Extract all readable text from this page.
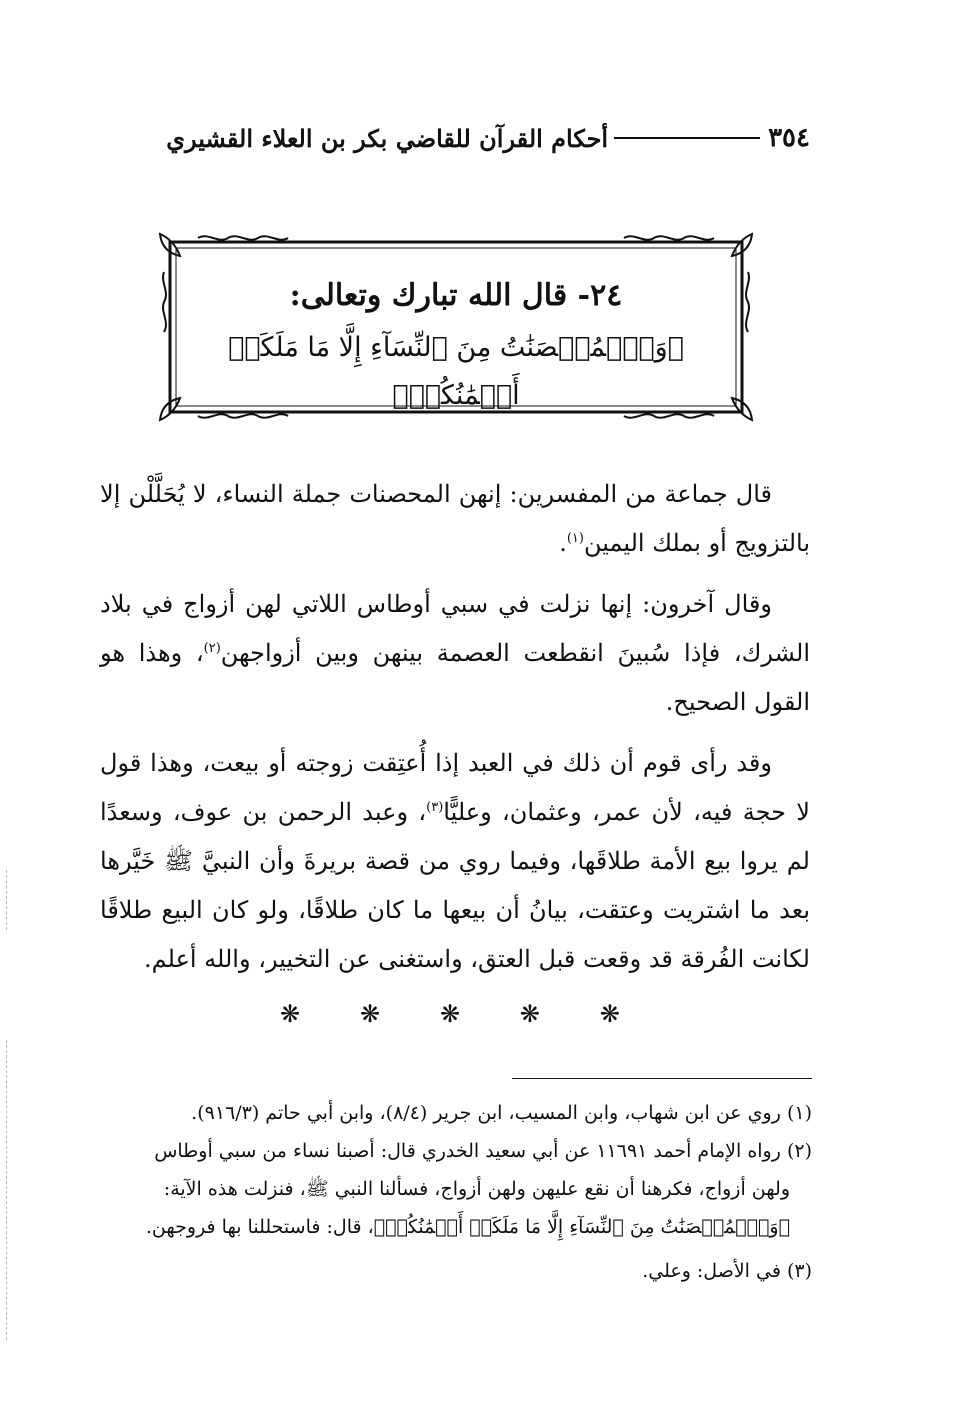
٣٥٤
أحكام القرآن للقاضي بكر بن العلاء القشيري
٢٤- قال الله تبارك وتعالى:
﴿وَٱلۡمُحۡصَنَٰتُ مِنَ ٱلنِّسَآءِ إِلَّا مَا مَلَكَتۡ أَيۡمَٰنُكُمۡ﴾

قال جماعة من المفسرين: إنهن المحصنات جملة النساء، لا يُحَلَّلْن إلا بالتزويج أو بملك اليمين$^{(١)}$.

وقال آخرون: إنها نزلت في سبي أوطاس اللاتي لهن أزواج في بلاد الشرك، فإذا سُبينَ انقطعت العصمة بينهن وبين أزواجهن$^{(٢)}$، وهذا هو القول الصحيح.

وقد رأى قوم أن ذلك في العبد إذا أُعتِقت زوجته أو بيعت، وهذا قول لا حجة فيه، لأن عمر، وعثمان، وعليًّا$^{(٣)}$، وعبد الرحمن بن عوف، وسعدًا لم يروا بيع الأمة طلاقَها، وفيما روي من قصة بريرةَ وأن النبيَّ ﷺ خَيَّرها بعد ما اشتريت وعتقت، بيانُ أن بيعها ما كان طلاقًا، ولو كان البيع طلاقًا لكانت الفُرقة قد وقعت قبل العتق، واستغنى عن التخيير، والله أعلم.

❋ ❋ ❋ ❋ ❋

(١) روي عن ابن شهاب، وابن المسيب، ابن جرير (٨/٤)، وابن أبي حاتم (٩١٦/٣).

(٢) رواه الإمام أحمد ١١٦٩١ عن أبي سعيد الخدري قال: أصبنا نساء من سبي أوطاس

ولهن أزواج، فكرهنا أن نقع عليهن ولهن أزواج، فسألنا النبي ﷺ، فنزلت هذه الآية:

﴿وَٱلۡمُحۡصَنَٰتُ مِنَ ٱلنِّسَآءِ إِلَّا مَا مَلَكَتۡ أَيۡمَٰنُكُمۡ﴾، قال: فاستحللنا بها فروجهن.

(٣) في الأصل: وعلي.
